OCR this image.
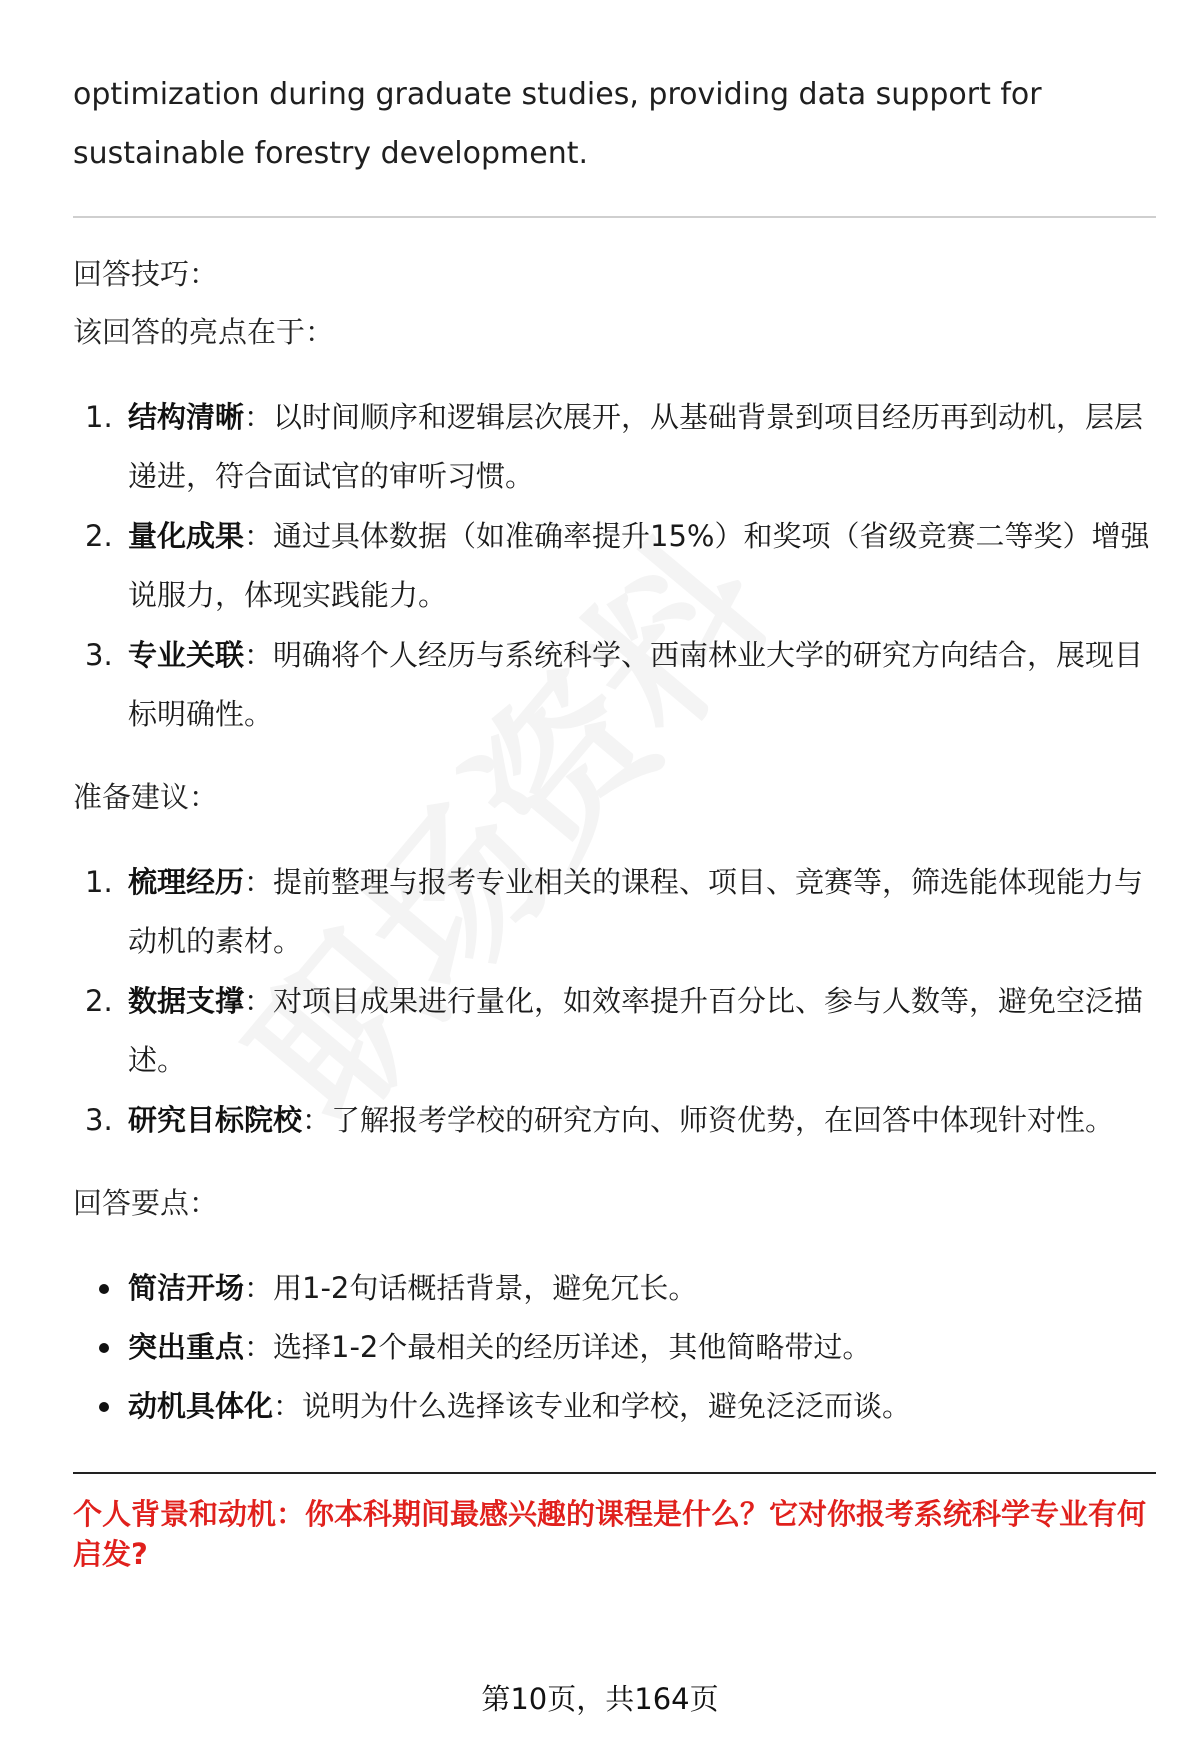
optimization during graduate studies, providing data support for
sustainable forestry development.
回答技巧：
该回答的亮点在于：
1. 结构清晰：以时间顺序和逻辑层次展开，从基础背景到项目经历再到动机，层层递进，符合面试官的审听习惯。
2. 量化成果：通过具体数据（如准确率提升15%）和奖项（省级竞赛二等奖）增强说服力，体现实践能力。
3. 专业关联：明确将个人经历与系统科学、西南林业大学的研究方向结合，展现目标明确性。
准备建议：
1. 梳理经历：提前整理与报考专业相关的课程、项目、竞赛等，筛选能体现能力与动机的素材。
2. 数据支撑：对项目成果进行量化，如效率提升百分比、参与人数等，避免空泛描述。
3. 研究目标院校：了解报考学校的研究方向、师资优势，在回答中体现针对性。
回答要点：
简洁开场：用1-2句话概括背景，避免冗长。
突出重点：选择1-2个最相关的经历详述，其他简略带过。
动机具体化：说明为什么选择该专业和学校，避免泛泛而谈。
个人背景和动机：你本科期间最感兴趣的课程是什么？它对你报考系统科学专业有何启发?
第10页，共164页
